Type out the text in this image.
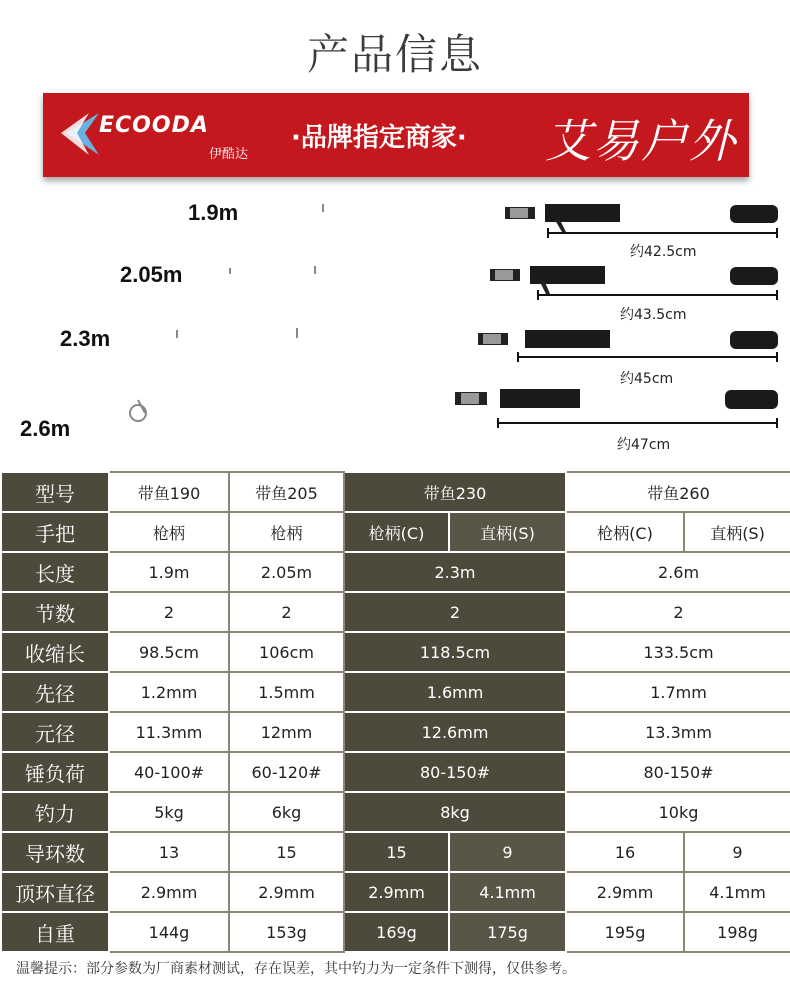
产品信息
ECOODA
伊酷达
·品牌指定商家· 艾易户外
1.9m
2.05m
2.3m
2.6m
约42.5cm
约43.5cm
约45cm
约47cm
型号	带鱼190	带鱼205	带鱼230		带鱼260	
手把	枪柄	枪柄	枪柄(C)	直柄(S)	枪柄(C)	直柄(S)
长度	1.9m	2.05m	2.3m		2.6m	
节数	2	2	2		2	
收缩长	98.5cm	106cm	118.5cm		133.5cm	
先径	1.2mm	1.5mm	1.6mm		1.7mm	
元径	11.3mm	12mm	12.6mm		13.3mm	
锤负荷	40-100#	60-120#	80-150#		80-150#	
钓力	5kg	6kg	8kg		10kg	
导环数	13	15	15	9	16	9
顶环直径	2.9mm	2.9mm	2.9mm	4.1mm	2.9mm	4.1mm
自重	144g	153g	169g	175g	195g	198g
温馨提示：部分参数为厂商素材测试，存在误差，其中钓力为一定条件下测得，仅供参考。
